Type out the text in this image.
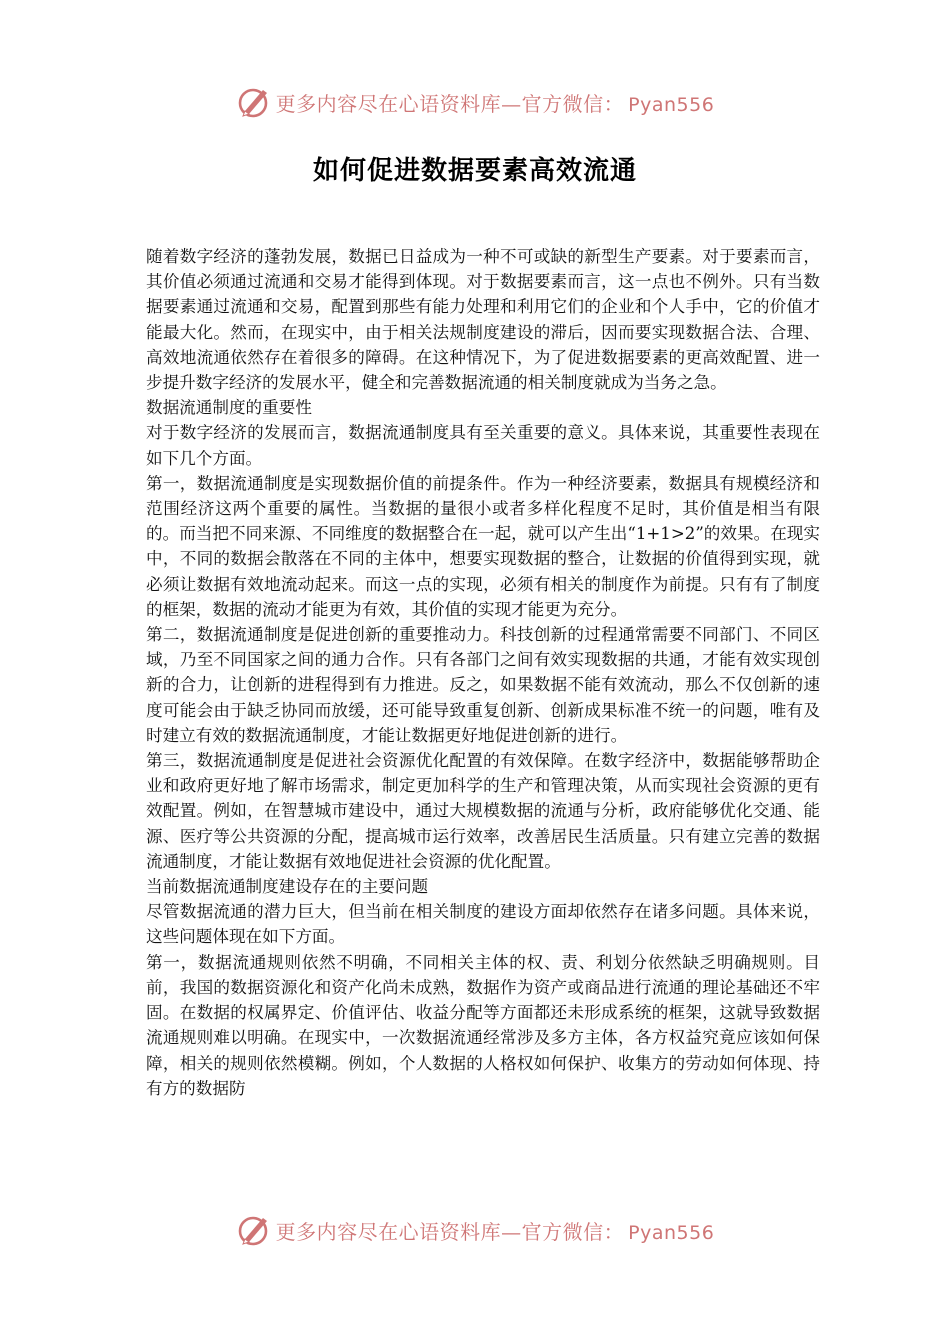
更多内容尽在心语资料库—官方微信： Pyan556
如何促进数据要素高效流通

随着数字经济的蓬勃发展，数据已日益成为一种不可或缺的新型生产要素。对于要素而言，其价值必须通过流通和交易才能得到体现。对于数据要素而言，这一点也不例外。只有当数据要素通过流通和交易，配置到那些有能力处理和利用它们的企业和个人手中，它的价值才能最大化。然而，在现实中，由于相关法规制度建设的滞后，因而要实现数据合法、合理、高效地流通依然存在着很多的障碍。在这种情况下，为了促进数据要素的更高效配置、进一步提升数字经济的发展水平，健全和完善数据流通的相关制度就成为当务之急。

数据流通制度的重要性

对于数字经济的发展而言，数据流通制度具有至关重要的意义。具体来说，其重要性表现在如下几个方面。

第一，数据流通制度是实现数据价值的前提条件。作为一种经济要素，数据具有规模经济和范围经济这两个重要的属性。当数据的量很小或者多样化程度不足时，其价值是相当有限的。而当把不同来源、不同维度的数据整合在一起，就可以产生出“1+1>2”的效果。在现实中，不同的数据会散落在不同的主体中，想要实现数据的整合，让数据的价值得到实现，就必须让数据有效地流动起来。而这一点的实现，必须有相关的制度作为前提。只有有了制度的框架，数据的流动才能更为有效，其价值的实现才能更为充分。

第二，数据流通制度是促进创新的重要推动力。科技创新的过程通常需要不同部门、不同区域，乃至不同国家之间的通力合作。只有各部门之间有效实现数据的共通，才能有效实现创新的合力，让创新的进程得到有力推进。反之，如果数据不能有效流动，那么不仅创新的速度可能会由于缺乏协同而放缓，还可能导致重复创新、创新成果标准不统一的问题，唯有及时建立有效的数据流通制度，才能让数据更好地促进创新的进行。

第三，数据流通制度是促进社会资源优化配置的有效保障。在数字经济中，数据能够帮助企业和政府更好地了解市场需求，制定更加科学的生产和管理决策，从而实现社会资源的更有效配置。例如，在智慧城市建设中，通过大规模数据的流通与分析，政府能够优化交通、能源、医疗等公共资源的分配，提高城市运行效率，改善居民生活质量。只有建立完善的数据流通制度，才能让数据有效地促进社会资源的优化配置。

当前数据流通制度建设存在的主要问题

尽管数据流通的潜力巨大，但当前在相关制度的建设方面却依然存在诸多问题。具体来说，这些问题体现在如下方面。

第一，数据流通规则依然不明确，不同相关主体的权、责、利划分依然缺乏明确规则。目前，我国的数据资源化和资产化尚未成熟，数据作为资产或商品进行流通的理论基础还不牢固。在数据的权属界定、价值评估、收益分配等方面都还未形成系统的框架，这就导致数据流通规则难以明确。在现实中，一次数据流通经常涉及多方主体，各方权益究竟应该如何保障，相关的规则依然模糊。例如，个人数据的人格权如何保护、收集方的劳动如何体现、持有方的数据防

更多内容尽在心语资料库—官方微信： Pyan556
